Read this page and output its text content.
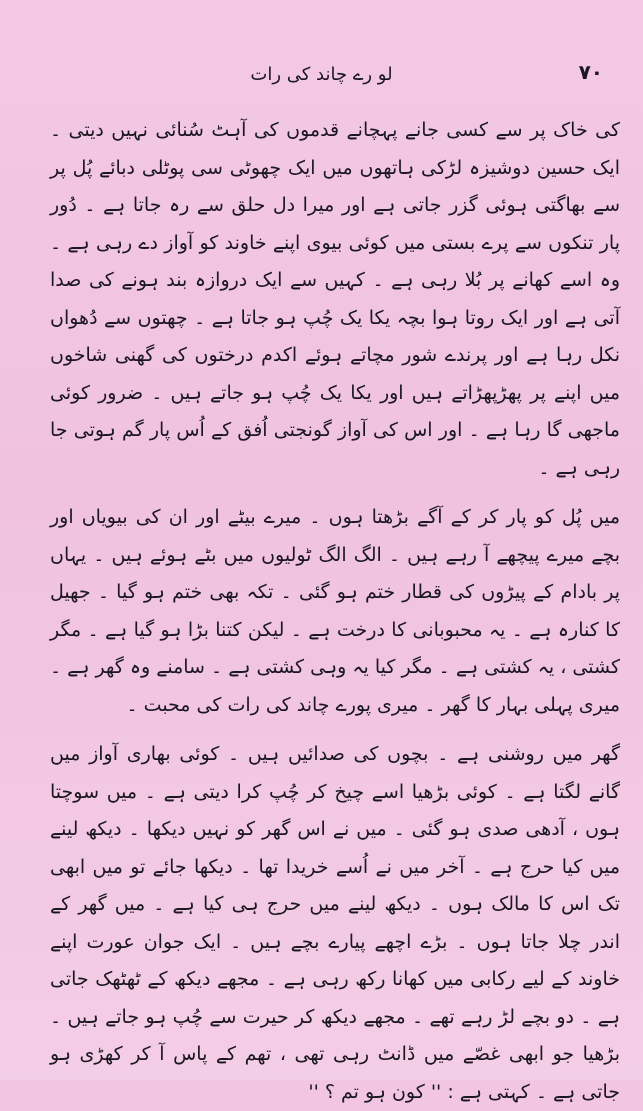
۷۰
لو رے چاند کی رات

کی خاک پر سے کسی جانے پہچانے قدموں کی آہٹ سُنائی نہیں دیتی ۔ ایک حسین دوشیزہ لڑکی ہاتھوں میں ایک چھوٹی سی پوٹلی دبائے پُل پر سے بھاگتی ہوئی گزر جاتی ہے اور میرا دل حلق سے رہ جاتا ہے ۔ دُور پار تنکوں سے پرے بستی میں کوئی بیوی اپنے خاوند کو آواز دے رہی ہے ۔ وہ اسے کھانے پر بُلا رہی ہے ۔ کہیں سے ایک دروازہ بند ہونے کی صدا آتی ہے اور ایک روتا ہوا بچہ یکا یک چُپ ہو جاتا ہے ۔ چھتوں سے دُھواں نکل رہا ہے اور پرندے شور مچاتے ہوئے اکدم درختوں کی گھنی شاخوں میں اپنے پر پھڑپھڑاتے ہیں اور یکا یک چُپ ہو جاتے ہیں ۔ ضرور کوئی ماجھی گا رہا ہے ۔ اور اس کی آواز گونجتی اُفق کے اُس پار گم ہوتی جا رہی ہے ۔

میں پُل کو پار کر کے آگے بڑھتا ہوں ۔ میرے بیٹے اور ان کی بیویاں اور بچے میرے پیچھے آ رہے ہیں ۔ الگ الگ ٹولیوں میں بٹے ہوئے ہیں ۔ یہاں پر بادام کے پیڑوں کی قطار ختم ہو گئی ۔ تکہ بھی ختم ہو گیا ۔ جھیل کا کنارہ ہے ۔ یہ محبوبانی کا درخت ہے ۔ لیکن کتنا بڑا ہو گیا ہے ۔ مگر کشتی ، یہ کشتی ہے ۔ مگر کیا یہ وہی کشتی ہے ۔ سامنے وہ گھر ہے ۔ میری پہلی بہار کا گھر ۔ میری پورے چاند کی رات کی محبت ۔

گھر میں روشنی ہے ۔ بچوں کی صدائیں ہیں ۔ کوئی بھاری آواز میں گانے لگتا ہے ۔ کوئی بڑھیا اسے چیخ کر چُپ کرا دیتی ہے ۔ میں سوچتا ہوں ، آدھی صدی ہو گئی ۔ میں نے اس گھر کو نہیں دیکھا ۔ دیکھ لینے میں کیا حرج ہے ۔ آخر میں نے اُسے خریدا تھا ۔ دیکھا جائے تو میں ابھی تک اس کا مالک ہوں ۔ دیکھ لینے میں حرج ہی کیا ہے ۔ میں گھر کے اندر چلا جاتا ہوں ۔ بڑے اچھے پیارے بچے ہیں ۔ ایک جوان عورت اپنے خاوند کے لیے رکابی میں کھانا رکھ رہی ہے ۔ مجھے دیکھ کے ٹھٹھک جاتی ہے ۔ دو بچے لڑ رہے تھے ۔ مجھے دیکھ کر حیرت سے چُپ ہو جاتے ہیں ۔ بڑھیا جو ابھی غصّے میں ڈانٹ رہی تھی ، تھم کے پاس آ کر کھڑی ہو جاتی ہے ۔ کہتی ہے : '' کون ہو تم ؟ ''
